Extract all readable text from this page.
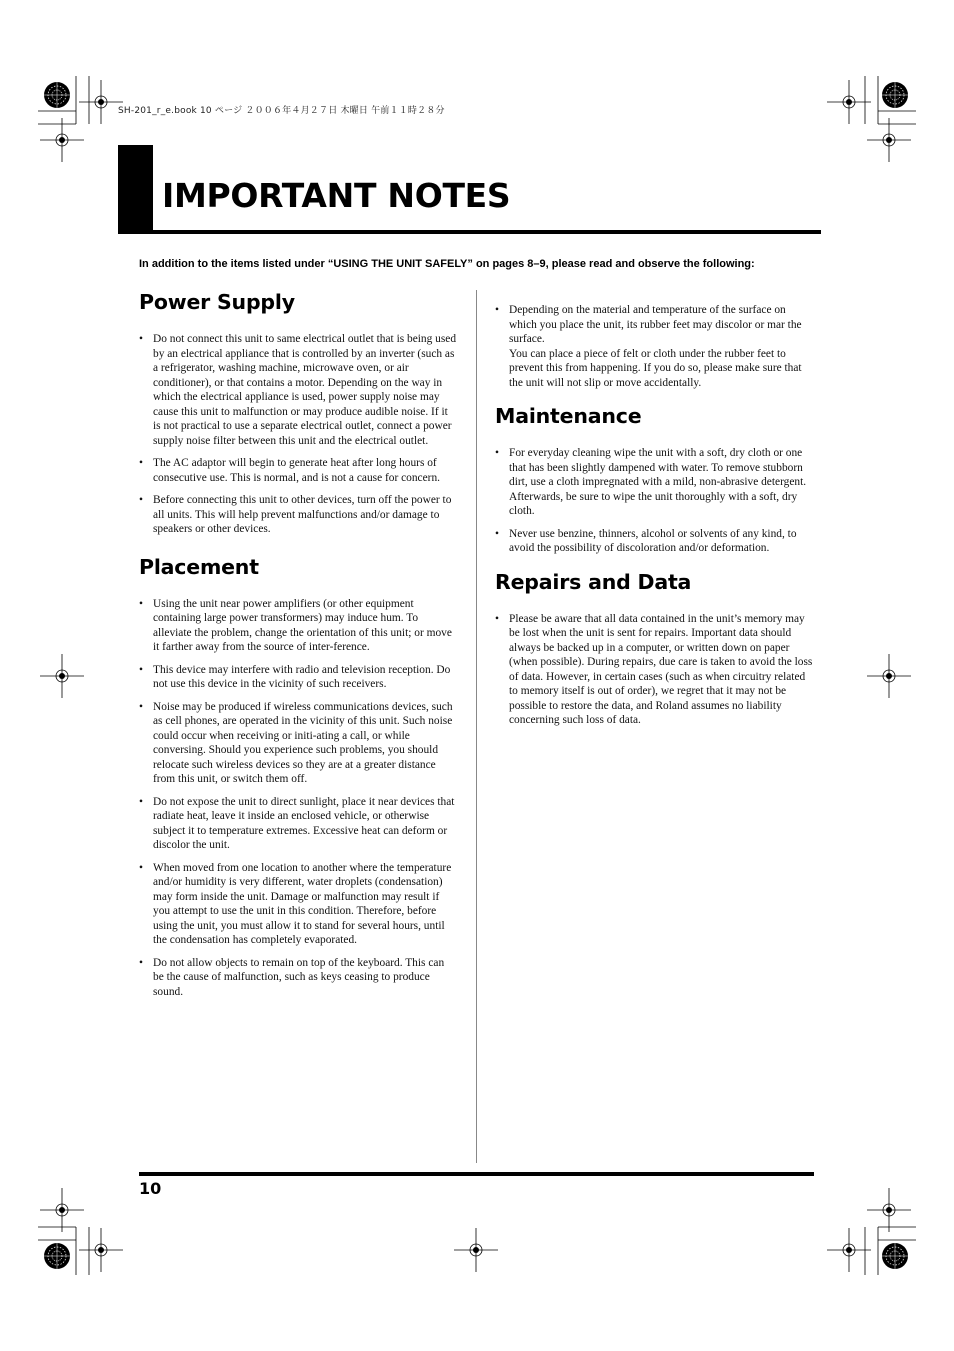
SH-201_r_e.book 10 ページ ２００６年４月２７日 木曜日 午前１１時２８分
IMPORTANT NOTES
In addition to the items listed under “USING THE UNIT SAFELY” on pages 8–9, please read and observe the following:
Power Supply
• Do not connect this unit to same electrical outlet that is being used by an electrical appliance that is controlled by an inverter (such as a refrigerator, washing machine, microwave oven, or air conditioner), or that contains a motor. Depending on the way in which the electrical appliance is used, power supply noise may cause this unit to malfunction or may produce audible noise. If it is not practical to use a separate electrical outlet, connect a power supply noise filter between this unit and the electrical outlet.
• The AC adaptor will begin to generate heat after long hours of consecutive use. This is normal, and is not a cause for concern.
• Before connecting this unit to other devices, turn off the power to all units. This will help prevent malfunctions and/or damage to speakers or other devices.
Placement
• Using the unit near power amplifiers (or other equipment containing large power transformers) may induce hum. To alleviate the problem, change the orientation of this unit; or move it farther away from the source of inter-ference.
• This device may interfere with radio and television reception. Do not use this device in the vicinity of such receivers.
• Noise may be produced if wireless communications devices, such as cell phones, are operated in the vicinity of this unit. Such noise could occur when receiving or initi-ating a call, or while conversing. Should you experience such problems, you should relocate such wireless devices so they are at a greater distance from this unit, or switch them off.
• Do not expose the unit to direct sunlight, place it near devices that radiate heat, leave it inside an enclosed vehicle, or otherwise subject it to temperature extremes. Excessive heat can deform or discolor the unit.
• When moved from one location to another where the temperature and/or humidity is very different, water droplets (condensation) may form inside the unit. Damage or malfunction may result if you attempt to use the unit in this condition. Therefore, before using the unit, you must allow it to stand for several hours, until the condensation has completely evaporated.
• Do not allow objects to remain on top of the keyboard. This can be the cause of malfunction, such as keys ceasing to produce sound.
• Depending on the material and temperature of the surface on which you place the unit, its rubber feet may discolor or mar the surface.
You can place a piece of felt or cloth under the rubber feet to prevent this from happening. If you do so, please make sure that the unit will not slip or move accidentally.
Maintenance
• For everyday cleaning wipe the unit with a soft, dry cloth or one that has been slightly dampened with water. To remove stubborn dirt, use a cloth impregnated with a mild, non-abrasive detergent. Afterwards, be sure to wipe the unit thoroughly with a soft, dry cloth.
• Never use benzine, thinners, alcohol or solvents of any kind, to avoid the possibility of discoloration and/or deformation.
Repairs and Data
• Please be aware that all data contained in the unit’s memory may be lost when the unit is sent for repairs. Important data should always be backed up in a computer, or written down on paper (when possible). During repairs, due care is taken to avoid the loss of data. However, in certain cases (such as when circuitry related to memory itself is out of order), we regret that it may not be possible to restore the data, and Roland assumes no liability concerning such loss of data.
10
